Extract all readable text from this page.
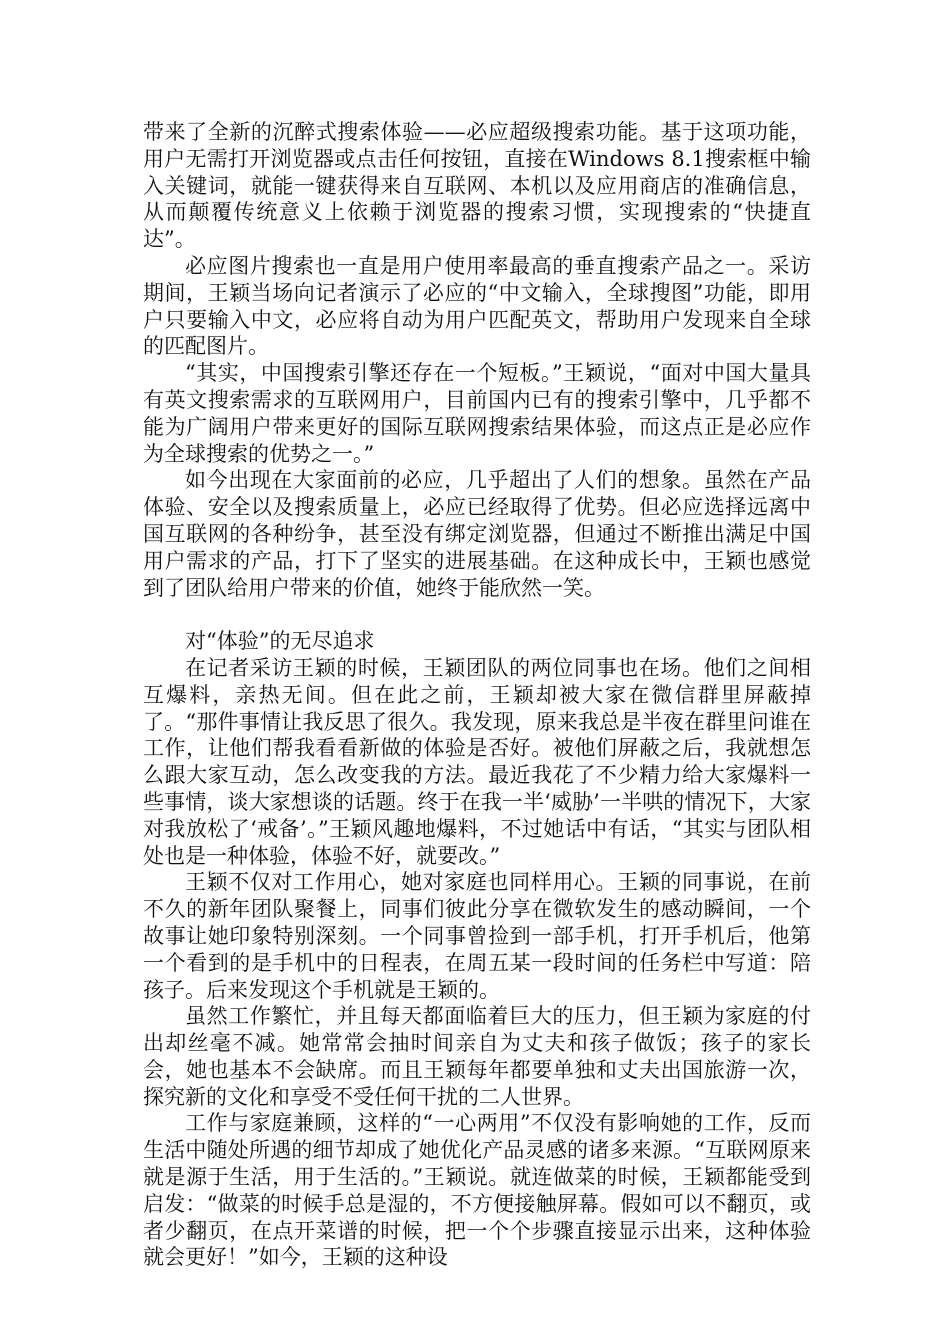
带来了全新的沉醉式搜索体验——必应超级搜索功能。基于这项功能，用户无需打开浏览器或点击任何按钮，直接在Windows 8.1搜索框中输入关键词，就能一键获得来自互联网、本机以及应用商店的准确信息，从而颠覆传统意义上依赖于浏览器的搜索习惯，实现搜索的“快捷直达”。

必应图片搜索也一直是用户使用率最高的垂直搜索产品之一。采访期间，王颖当场向记者演示了必应的“中文输入，全球搜图”功能，即用户只要输入中文，必应将自动为用户匹配英文，帮助用户发现来自全球的匹配图片。

“其实，中国搜索引擎还存在一个短板。”王颖说，“面对中国大量具有英文搜索需求的互联网用户，目前国内已有的搜索引擎中，几乎都不能为广阔用户带来更好的国际互联网搜索结果体验，而这点正是必应作为全球搜索的优势之一。”

如今出现在大家面前的必应，几乎超出了人们的想象。虽然在产品体验、安全以及搜索质量上，必应已经取得了优势。但必应选择远离中国互联网的各种纷争，甚至没有绑定浏览器，但通过不断推出满足中国用户需求的产品，打下了坚实的进展基础。在这种成长中，王颖也感觉到了团队给用户带来的价值，她终于能欣然一笑。

对“体验”的无尽追求

在记者采访王颖的时候，王颖团队的两位同事也在场。他们之间相互爆料，亲热无间。但在此之前，王颖却被大家在微信群里屏蔽掉了。“那件事情让我反思了很久。我发现，原来我总是半夜在群里问谁在工作，让他们帮我看看新做的体验是否好。被他们屏蔽之后，我就想怎么跟大家互动，怎么改变我的方法。最近我花了不少精力给大家爆料一些事情，谈大家想谈的话题。终于在我一半‘威胁’一半哄的情况下，大家对我放松了‘戒备’。”王颖风趣地爆料，不过她话中有话，“其实与团队相处也是一种体验，体验不好，就要改。”

王颖不仅对工作用心，她对家庭也同样用心。王颖的同事说，在前不久的新年团队聚餐上，同事们彼此分享在微软发生的感动瞬间，一个故事让她印象特别深刻。一个同事曾捡到一部手机，打开手机后，他第一个看到的是手机中的日程表，在周五某一段时间的任务栏中写道：陪孩子。后来发现这个手机就是王颖的。

虽然工作繁忙，并且每天都面临着巨大的压力，但王颖为家庭的付出却丝毫不减。她常常会抽时间亲自为丈夫和孩子做饭；孩子的家长会，她也基本不会缺席。而且王颖每年都要单独和丈夫出国旅游一次，探究新的文化和享受不受任何干扰的二人世界。

工作与家庭兼顾，这样的“一心两用”不仅没有影响她的工作，反而生活中随处所遇的细节却成了她优化产品灵感的诸多来源。“互联网原来就是源于生活，用于生活的。”王颖说。就连做菜的时候，王颖都能受到启发：“做菜的时候手总是湿的，不方便接触屏幕。假如可以不翻页，或者少翻页，在点开菜谱的时候，把一个个步骤直接显示出来，这种体验就会更好！”如今，王颖的这种设
